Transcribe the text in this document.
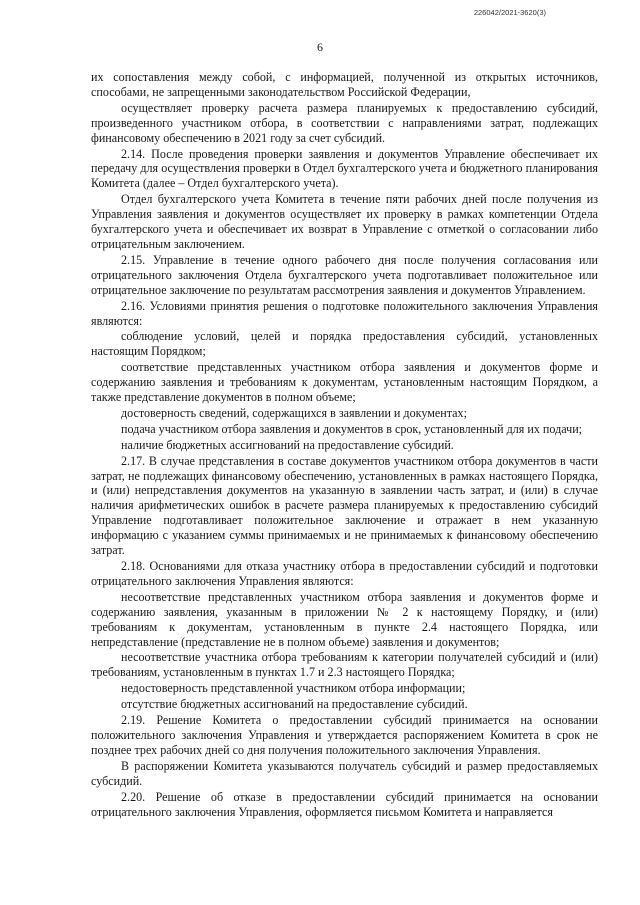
226042/2021-3620(3)
6

их сопоставления между собой, с информацией, полученной из открытых источников, способами, не запрещенными законодательством Российской Федерации,

осуществляет проверку расчета размера планируемых к предоставлению субсидий, произведенного участником отбора, в соответствии с направлениями затрат, подлежащих финансовому обеспечению в 2021 году за счет субсидий.

2.14. После проведения проверки заявления и документов Управление обеспечивает их передачу для осуществления проверки в Отдел бухгалтерского учета и бюджетного планирования Комитета (далее – Отдел бухгалтерского учета).

Отдел бухгалтерского учета Комитета в течение пяти рабочих дней после получения из Управления заявления и документов осуществляет их проверку в рамках компетенции Отдела бухгалтерского учета и обеспечивает их возврат в Управление с отметкой о согласовании либо отрицательным заключением.

2.15. Управление в течение одного рабочего дня после получения согласования или отрицательного заключения Отдела бухгалтерского учета подготавливает положительное или отрицательное заключение по результатам рассмотрения заявления и документов Управлением.

2.16. Условиями принятия решения о подготовке положительного заключения Управления являются:

соблюдение условий, целей и порядка предоставления субсидий, установленных настоящим Порядком;

соответствие представленных участником отбора заявления и документов форме и содержанию заявления и требованиям к документам, установленным настоящим Порядком, а также представление документов в полном объеме;

достоверность сведений, содержащихся в заявлении и документах;

подача участником отбора заявления и документов в срок, установленный для их подачи;

наличие бюджетных ассигнований на предоставление субсидий.

2.17. В случае представления в составе документов участником отбора документов в части затрат, не подлежащих финансовому обеспечению, установленных в рамках настоящего Порядка, и (или) непредставления документов на указанную в заявлении часть затрат, и (или) в случае наличия арифметических ошибок в расчете размера планируемых к предоставлению субсидий Управление подготавливает положительное заключение и отражает в нем указанную информацию с указанием суммы принимаемых и не принимаемых к финансовому обеспечению затрат.

2.18. Основаниями для отказа участнику отбора в предоставлении субсидий и подготовки отрицательного заключения Управления являются:

несоответствие представленных участником отбора заявления и документов форме и содержанию заявления, указанным в приложении № 2 к настоящему Порядку, и (или) требованиям к документам, установленным в пункте 2.4 настоящего Порядка, или непредставление (представление не в полном объеме) заявления и документов;

несоответствие участника отбора требованиям к категории получателей субсидий и (или) требованиям, установленным в пунктах 1.7 и 2.3 настоящего Порядка;

недостоверность представленной участником отбора информации;

отсутствие бюджетных ассигнований на предоставление субсидий.

2.19. Решение Комитета о предоставлении субсидий принимается на основании положительного заключения Управления и утверждается распоряжением Комитета в срок не позднее трех рабочих дней со дня получения положительного заключения Управления.

В распоряжении Комитета указываются получатель субсидий и размер предоставляемых субсидий.

2.20. Решение об отказе в предоставлении субсидий принимается на основании отрицательного заключения Управления, оформляется письмом Комитета и направляется
